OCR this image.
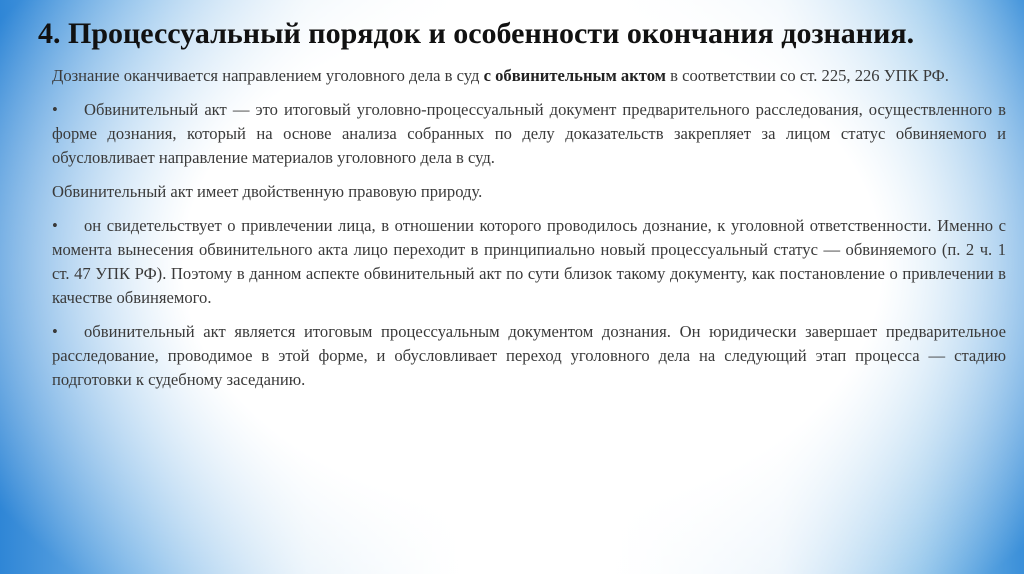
4. Процессуальный порядок и особенности окончания дознания.

Дознание оканчивается направлением уголовного дела в суд с обвинительным актом в соответствии со ст. 225, 226 УПК РФ.

• Обвинительный акт — это итоговый уголовно-процессуальный документ предварительного расследования, осуществленного в форме дознания, который на основе анализа собранных по делу доказательств закрепляет за лицом статус обвиняемого и обусловливает направление материалов уголовного дела в суд.

Обвинительный акт имеет двойственную правовую природу.

• он свидетельствует о привлечении лица, в отношении которого проводилось дознание, к уголовной ответственности. Именно с момента вынесения обвинительного акта лицо переходит в принципиально новый процессуальный статус — обвиняемого (п. 2 ч. 1 ст. 47 УПК РФ). Поэтому в данном аспекте обвинительный акт по сути близок такому документу, как постановление о привлечении в качестве обвиняемого.

• обвинительный акт является итоговым процессуальным документом дознания. Он юридически завершает предварительное расследование, проводимое в этой форме, и обусловливает переход уголовного дела на следующий этап процесса — стадию подготовки к судебному заседанию.
